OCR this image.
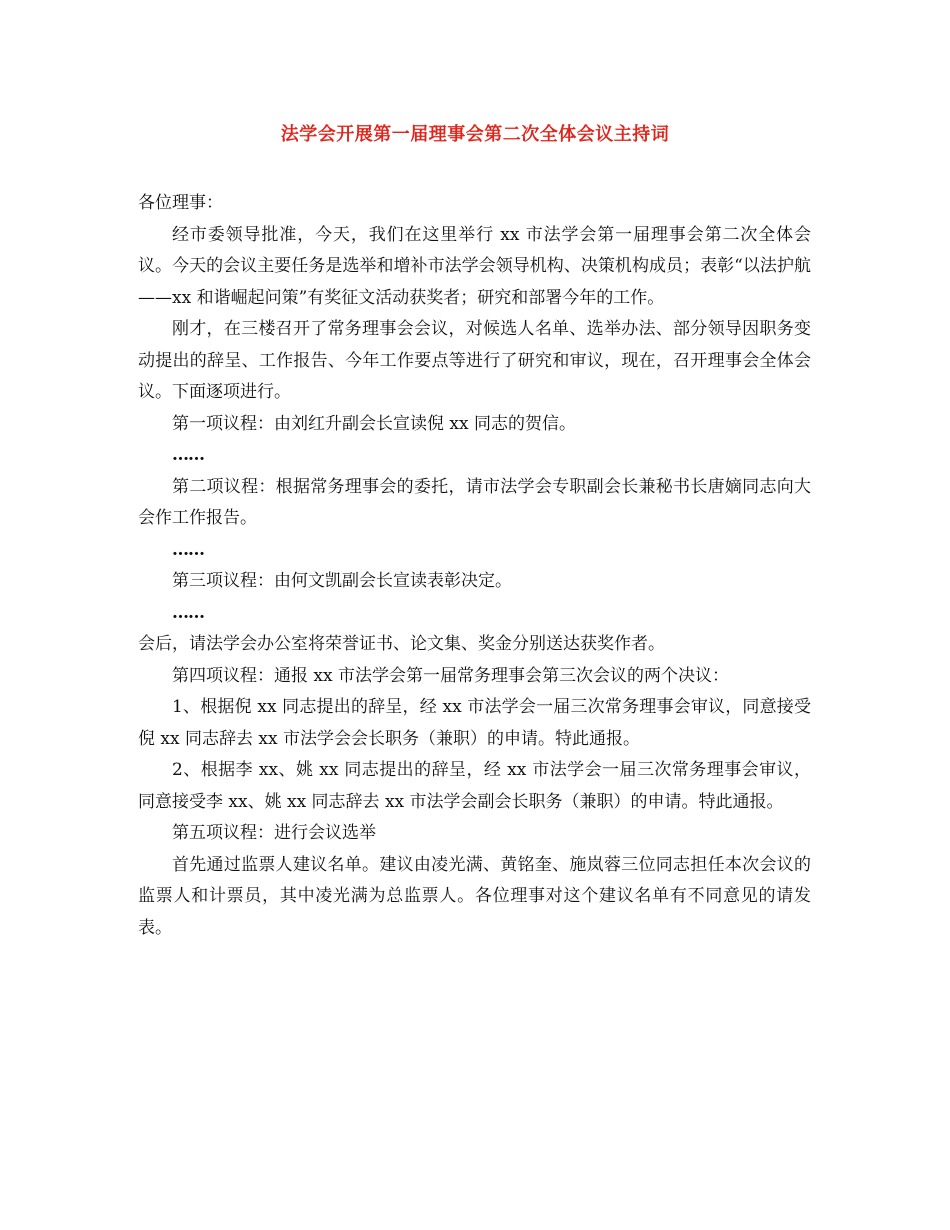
法学会开展第一届理事会第二次全体会议主持词

各位理事：

经市委领导批准，今天，我们在这里举行 xx 市法学会第一届理事会第二次全体会议。今天的会议主要任务是选举和增补市法学会领导机构、决策机构成员；表彰“以法护航——xx 和谐崛起问策”有奖征文活动获奖者；研究和部署今年的工作。

刚才，在三楼召开了常务理事会会议，对候选人名单、选举办法、部分领导因职务变动提出的辞呈、工作报告、今年工作要点等进行了研究和审议，现在，召开理事会全体会议。下面逐项进行。

第一项议程：由刘红升副会长宣读倪 xx 同志的贺信。

……

第二项议程：根据常务理事会的委托，请市法学会专职副会长兼秘书长唐嫡同志向大会作工作报告。

……

第三项议程：由何文凯副会长宣读表彰决定。

……

会后，请法学会办公室将荣誉证书、论文集、奖金分别送达获奖作者。

第四项议程：通报 xx 市法学会第一届常务理事会第三次会议的两个决议：

1、根据倪 xx 同志提出的辞呈，经 xx 市法学会一届三次常务理事会审议，同意接受倪 xx 同志辞去 xx 市法学会会长职务（兼职）的申请。特此通报。

2、根据李 xx、姚 xx 同志提出的辞呈，经 xx 市法学会一届三次常务理事会审议，同意接受李 xx、姚 xx 同志辞去 xx 市法学会副会长职务（兼职）的申请。特此通报。

第五项议程：进行会议选举

首先通过监票人建议名单。建议由凌光满、黄铭奎、施岚蓉三位同志担任本次会议的监票人和计票员，其中凌光满为总监票人。各位理事对这个建议名单有不同意见的请发表。
